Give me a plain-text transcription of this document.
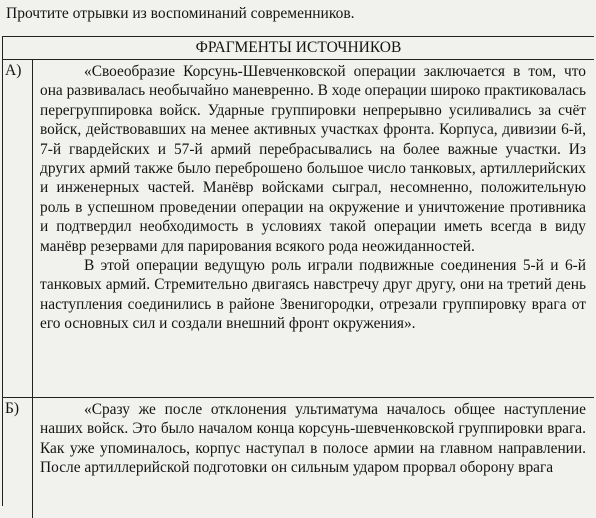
Прочтите отрывки из воспоминаний современников.
ФРАГМЕНТЫ ИСТОЧНИКОВ
А)	«Своеобразие Корсунь-Шевченковской операции заключается в том, что она развивалась необычайно маневренно. В ходе операции широко практиковалась перегруппировка войск. Ударные группировки непрерывно усиливались за счёт войск, действовавших на менее активных участках фронта. Корпуса, дивизии 6-й, 7-й гвардейских и 57-й армий перебрасывались на более важные участки. Из других армий также было переброшено большое число танковых, артиллерийских и инженерных частей. Манёвр войсками сыграл, несомненно, положительную роль в успешном проведении операции на окружение и уничтожение противника и подтвердил необходимость в условиях такой операции иметь всегда в виду манёвр резервами для парирования всякого рода неожиданностей.

В этой операции ведущую роль играли подвижные соединения 5-й и 6-й танковых армий. Стремительно двигаясь навстречу друг другу, они на третий день наступления соединились в районе Звенигородки, отрезали группировку врага от его основных сил и создали внешний фронт окружения».

Б)	«Сразу же после отклонения ультиматума началось общее наступление наших войск. Это было началом конца корсунь-шевченковской группировки врага. Как уже упоминалось, корпус наступал в полосе армии на главном направлении. После артиллерийской подготовки он сильным ударом прорвал оборону врага
